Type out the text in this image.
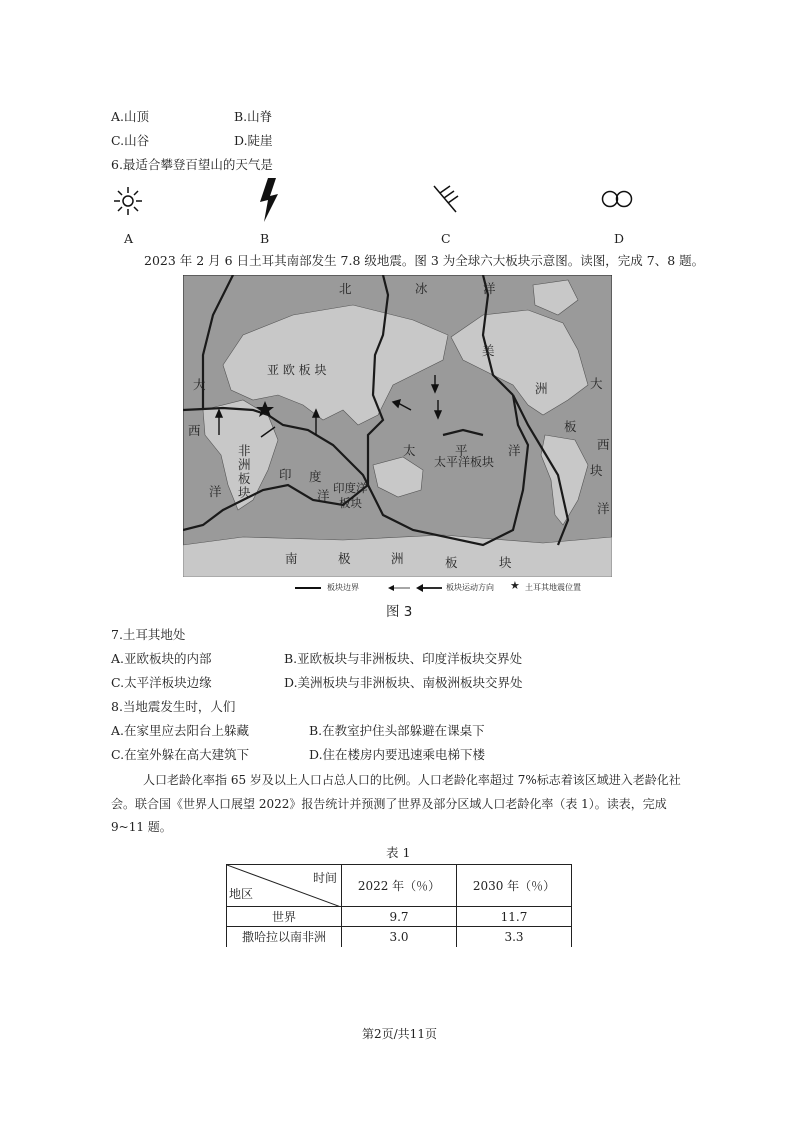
A.山顶	B.山脊
C.山谷	D.陡崖
6.最适合攀登百望山的天气是
A	B	C	D
2023 年 2 月 6 日土耳其南部发生 7.8 级地震。图 3 为全球六大板块示意图。读图，完成 7、8 题。
北	冰	洋
美
洲
板
块
大
西
洋
大
西
洋
亚 欧 板 块
非
洲
板
块
印 度
洋 印度洋
板块
太	平	洋
太平洋板块
南	极	洲	板	块
板块边界	板块运动方向 ★ 土耳其地震位置
图 3
7.土耳其地处
A.亚欧板块的内部	B.亚欧板块与非洲板块、印度洋板块交界处
C.太平洋板块边缘	D.美洲板块与非洲板块、南极洲板块交界处
8.当地震发生时，人们
A.在家里应去阳台上躲藏	B.在教室护住头部躲避在课桌下
C.在室外躲在高大建筑下	D.住在楼房内要迅速乘电梯下楼
人口老龄化率指 65 岁及以上人口占总人口的比例。人口老龄化率超过 7%标志着该区域进入老龄化社
会。联合国《世界人口展望 2022》报告统计并预测了世界及部分区域人口老龄化率（表 1）。读表，完成
9~11 题。
表 1
时间
地区	2022 年（％）	2030 年（％）
世界	9.7	11.7
撒哈拉以南非洲	3.0	3.3
第2页/共11页
